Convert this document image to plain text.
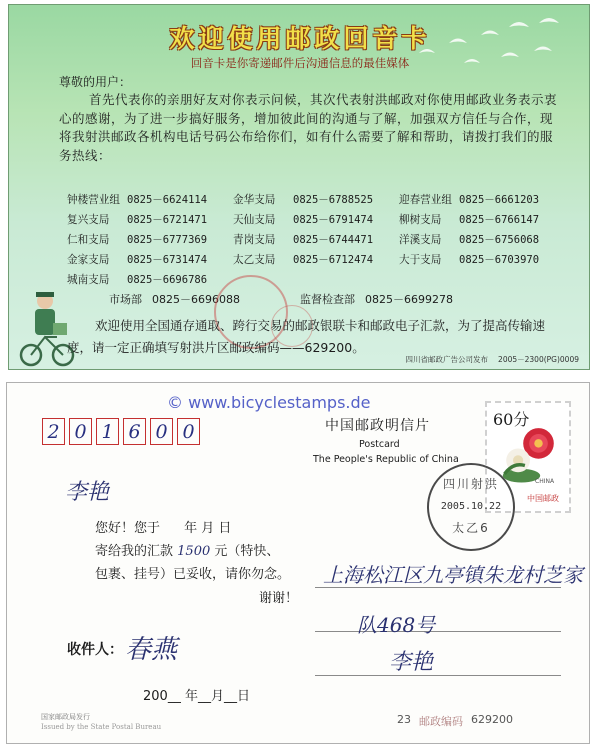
欢迎使用邮政回音卡
回音卡是你寄递邮件后沟通信息的最佳媒体
尊敬的用户：
首先代表你的亲朋好友对你表示问候，其次代表射洪邮政对你使用邮政业务表示衷心的感谢，为了进一步搞好服务，增加彼此间的沟通与了解，加强双方信任与合作，现将我射洪邮政各机构电话号码公布给你们，如有什么需要了解和帮助，请拨打我们的服务热线：
钟楼营业组 0825－6624114 金华支局	0825－6788525 迎春营业组 0825－6661203
复兴支局	0825－6721471 天仙支局	0825－6791474 柳树支局	0825－6766147
仁和支局	0825－6777369 青岗支局	0825－6744471 洋溪支局	0825－6756068
金家支局	0825－6731474 太乙支局	0825－6712474 大于支局	0825－6703970
城南支局	0825－6696786
市场部 0825－6696088	监督检查部 0825－6699278
欢迎使用全国通存通取、跨行交易的邮政银联卡和邮政电子汇款，为了提高传输速度，请一定正确填写射洪片区邮政编码——629200。
四川省邮政广告公司发布 2005－2300(PG)0009
2 0 1 6 0 0	中国邮政明信片
Postcard
The People's Republic of China
60分
CHINA
中国邮政
四川射洪
2005.10.22
太乙6
李艳
您好！您于 年 月 日
寄给我的汇款 1500 元（特快、
包裹、挂号）已妥收，请你勿念。
谢谢！
收件人： 春燕
200__ 年__月__日
国家邮政局发行
Issued by the State Postal Bureau
上海松江区九亭镇朱龙村芝家
队468号
李艳
23 邮政编码 629200
© www.bicyclestamps.de
